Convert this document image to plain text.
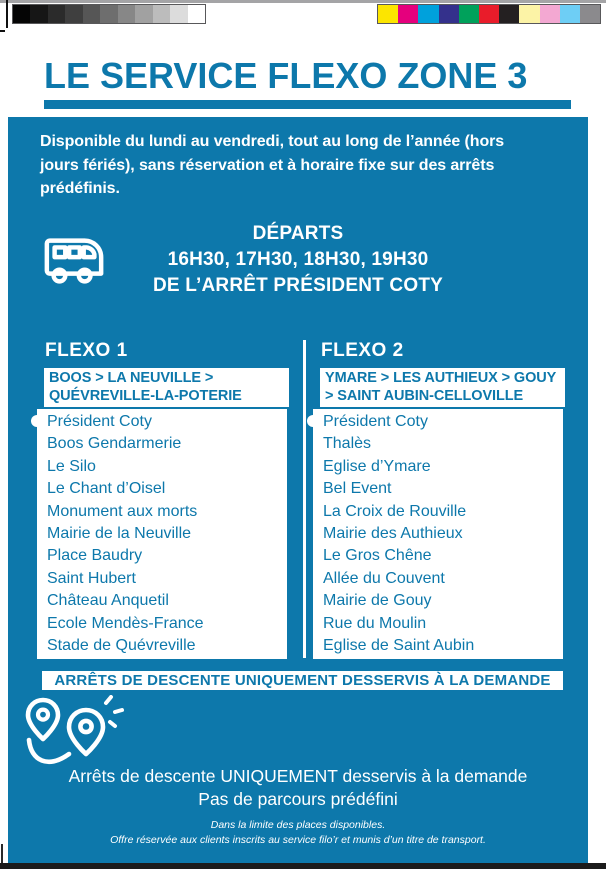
LE SERVICE FLEXO ZONE 3
Disponible du lundi au vendredi, tout au long de l’année (hors
jours fériés), sans réservation et à horaire fixe sur des arrêts
prédéfinis.
DÉPARTS
16H30, 17H30, 18H30, 19H30
DE L’ARRÊT PRÉSIDENT COTY
FLEXO 1
BOOS > LA NEUVILLE >
QUÉVREVILLE-LA-POTERIE
Président Coty
Boos Gendarmerie
Le Silo
Le Chant d’Oisel
Monument aux morts
Mairie de la Neuville
Place Baudry
Saint Hubert
Château Anquetil
Ecole Mendès-France
Stade de Quévreville
FLEXO 2
YMARE > LES AUTHIEUX > GOUY
> SAINT AUBIN-CELLOVILLE
Président Coty
Thalès
Eglise d’Ymare
Bel Event
La Croix de Rouville
Mairie des Authieux
Le Gros Chêne
Allée du Couvent
Mairie de Gouy
Rue du Moulin
Eglise de Saint Aubin
ARRÊTS DE DESCENTE UNIQUEMENT DESSERVIS À LA DEMANDE
Arrêts de descente UNIQUEMENT desservis à la demande
Pas de parcours prédéfini
Dans la limite des places disponibles.
Offre réservée aux clients inscrits au service filo’r et munis d’un titre de transport.
